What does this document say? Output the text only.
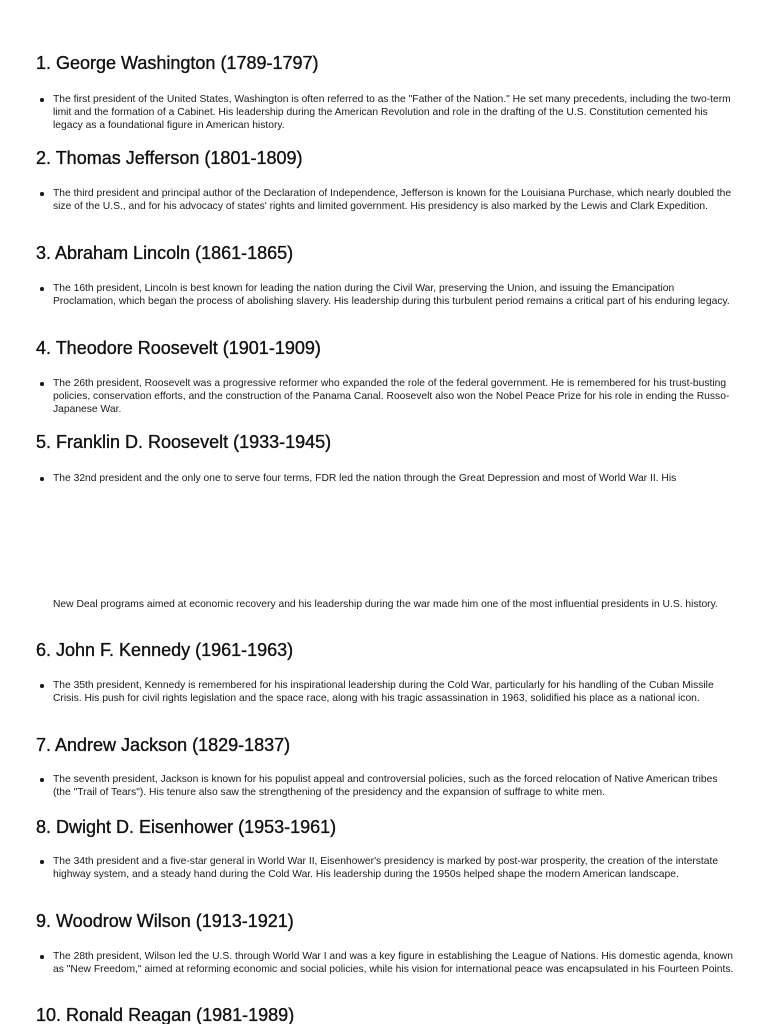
1. George Washington (1789-1797)
The first president of the United States, Washington is often referred to as the "Father of the Nation." He set many precedents, including the two-term limit and the formation of a Cabinet. His leadership during the American Revolution and role in the drafting of the U.S. Constitution cemented his legacy as a foundational figure in American history.
2. Thomas Jefferson (1801-1809)
The third president and principal author of the Declaration of Independence, Jefferson is known for the Louisiana Purchase, which nearly doubled the size of the U.S., and for his advocacy of states' rights and limited government. His presidency is also marked by the Lewis and Clark Expedition.
3. Abraham Lincoln (1861-1865)
The 16th president, Lincoln is best known for leading the nation during the Civil War, preserving the Union, and issuing the Emancipation Proclamation, which began the process of abolishing slavery. His leadership during this turbulent period remains a critical part of his enduring legacy.
4. Theodore Roosevelt (1901-1909)
The 26th president, Roosevelt was a progressive reformer who expanded the role of the federal government. He is remembered for his trust-busting policies, conservation efforts, and the construction of the Panama Canal. Roosevelt also won the Nobel Peace Prize for his role in ending the Russo-Japanese War.
5. Franklin D. Roosevelt (1933-1945)
The 32nd president and the only one to serve four terms, FDR led the nation through the Great Depression and most of World War II. His

New Deal programs aimed at economic recovery and his leadership during the war made him one of the most influential presidents in U.S. history.

6. John F. Kennedy (1961-1963)
The 35th president, Kennedy is remembered for his inspirational leadership during the Cold War, particularly for his handling of the Cuban Missile Crisis. His push for civil rights legislation and the space race, along with his tragic assassination in 1963, solidified his place as a national icon.
7. Andrew Jackson (1829-1837)
The seventh president, Jackson is known for his populist appeal and controversial policies, such as the forced relocation of Native American tribes (the "Trail of Tears"). His tenure also saw the strengthening of the presidency and the expansion of suffrage to white men.
8. Dwight D. Eisenhower (1953-1961)
The 34th president and a five-star general in World War II, Eisenhower's presidency is marked by post-war prosperity, the creation of the interstate highway system, and a steady hand during the Cold War. His leadership during the 1950s helped shape the modern American landscape.
9. Woodrow Wilson (1913-1921)
The 28th president, Wilson led the U.S. through World War I and was a key figure in establishing the League of Nations. His domestic agenda, known as "New Freedom," aimed at reforming economic and social policies, while his vision for international peace was encapsulated in his Fourteen Points.
10. Ronald Reagan (1981-1989)
